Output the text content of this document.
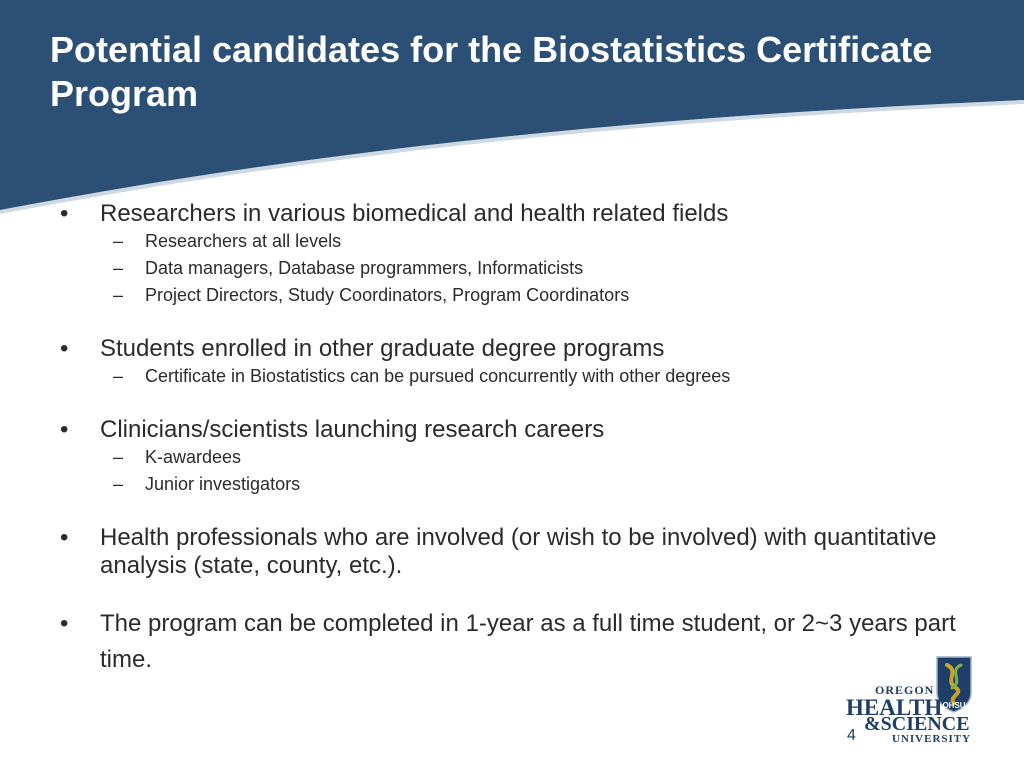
Potential candidates for the Biostatistics Certificate Program
• Researchers in various biomedical and health related fields
– Researchers at all levels
– Data managers, Database programmers, Informaticists
– Project Directors, Study Coordinators, Program Coordinators
• Students enrolled in other graduate degree programs
– Certificate in Biostatistics can be pursued concurrently with other degrees
• Clinicians/scientists launching research careers
– K-awardees
– Junior investigators
• Health professionals who are involved (or wish to be involved) with quantitative analysis (state, county, etc.).
• The program can be completed in 1-year as a full time student, or 2~3 years part time.
4
OHSU
OREGON
HEALTH
&SCIENCE
UNIVERSITY
